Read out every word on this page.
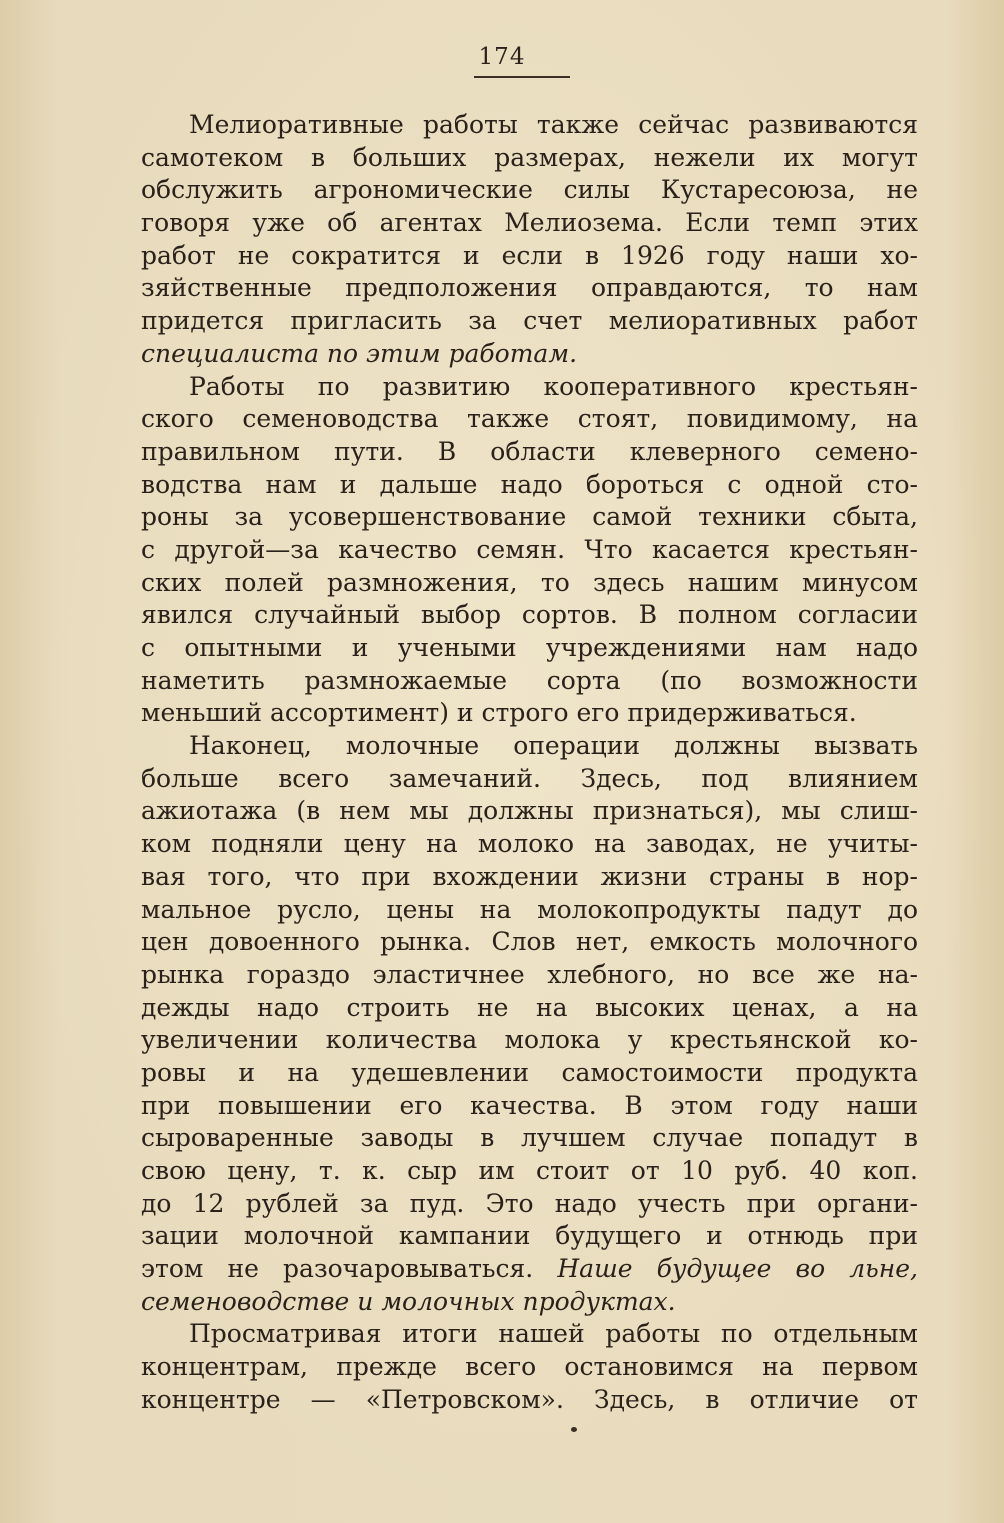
174
Мелиоративные работы также сейчас развиваются
самотеком в больших размерах, нежели их могут
обслужить агрономические силы Кустаресоюза, не
говоря уже об агентах Мелиозема. Если темп этих
работ не сократится и если в 1926 году наши хо-
зяйственные предположения оправдаются, то нам
придется пригласить за счет мелиоративных работ
специалиста по этим работам.
Работы по развитию кооперативного крестьян-
ского семеноводства также стоят, повидимому, на
правильном пути. В области клеверного семено-
водства нам и дальше надо бороться с одной сто-
роны за усовершенствование самой техники сбыта,
с другой—за качество семян. Что касается крестьян-
ских полей размножения, то здесь нашим минусом
явился случайный выбор сортов. В полном согласии
с опытными и учеными учреждениями нам надо
наметить размножаемые сорта (по возможности
меньший ассортимент) и строго его придерживаться.
Наконец, молочные операции должны вызвать
больше всего замечаний. Здесь, под влиянием
ажиотажа (в нем мы должны признаться), мы слиш-
ком подняли цену на молоко на заводах, не учиты-
вая того, что при вхождении жизни страны в нор-
мальное русло, цены на молокопродукты падут до
цен довоенного рынка. Слов нет, емкость молочного
рынка гораздо эластичнее хлебного, но все же на-
дежды надо строить не на высоких ценах, а на
увеличении количества молока у крестьянской ко-
ровы и на удешевлении самостоимости продукта
при повышении его качества. В этом году наши
сыроваренные заводы в лучшем случае попадут в
свою цену, т. к. сыр им стоит от 10 руб. 40 коп.
до 12 рублей за пуд. Это надо учесть при органи-
зации молочной кампании будущего и отнюдь при
этом не разочаровываться. Наше будущее во льне,
семеноводстве и молочных продуктах.
Просматривая итоги нашей работы по отдельным
концентрам, прежде всего остановимся на первом
концентре — «Петровском». Здесь, в отличие от
